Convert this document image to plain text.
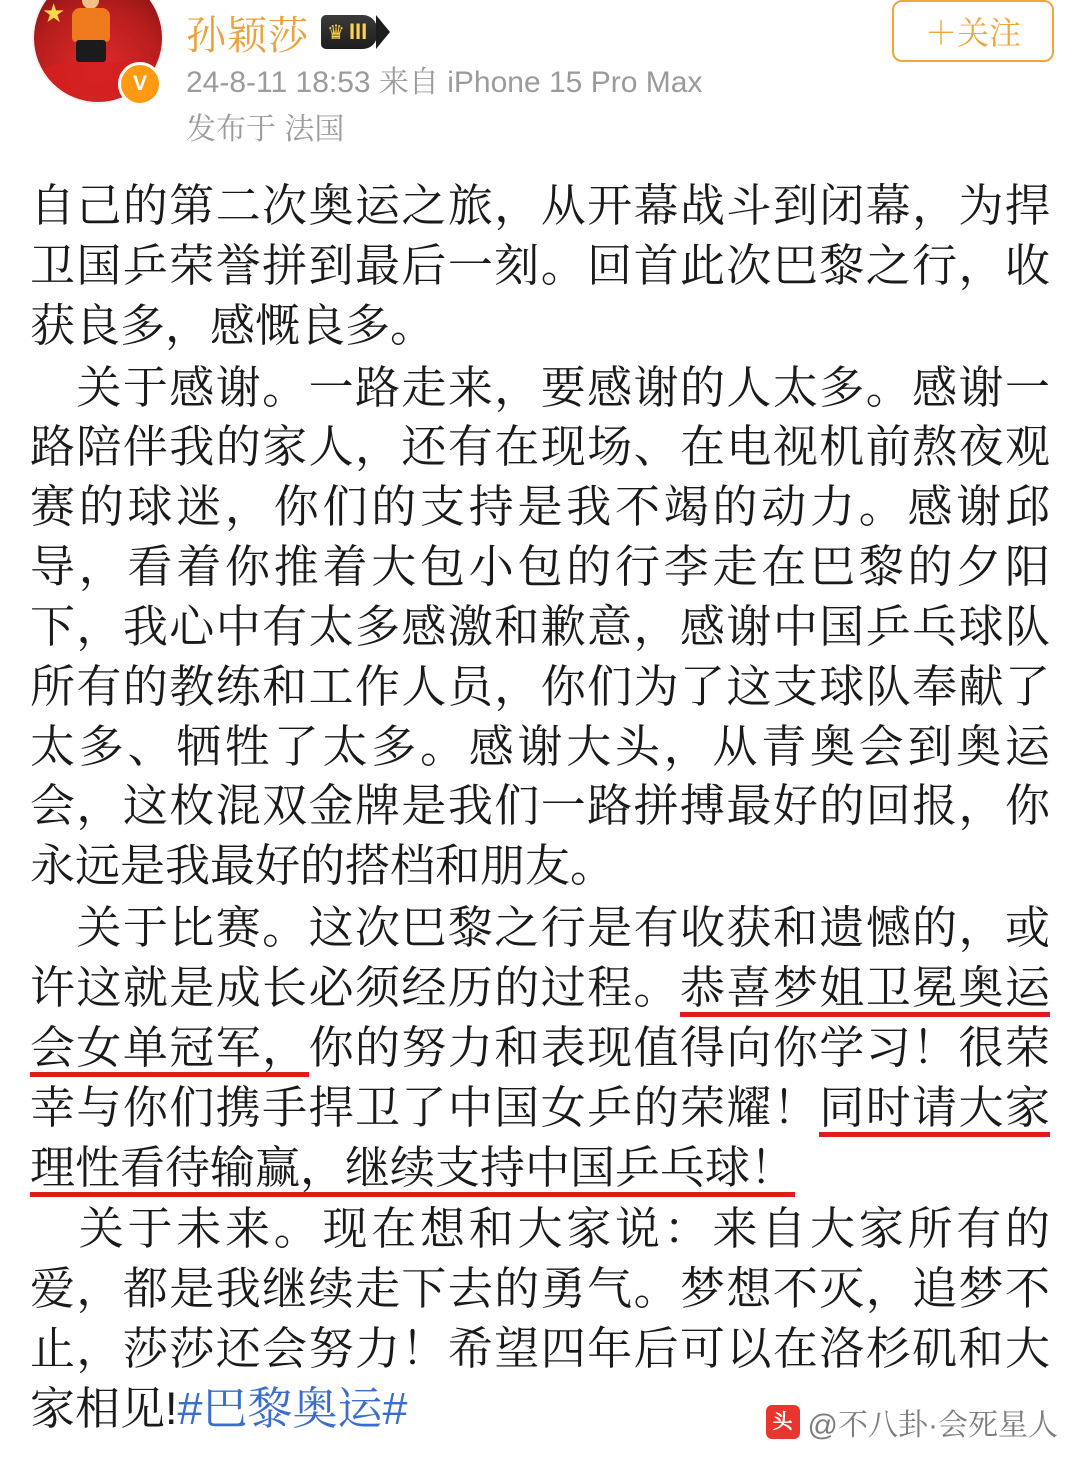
★
V
孙颖莎 ♛ III
24-8-11 18:53 来自 iPhone 15 Pro Max
发布于 法国
＋关注

自己的第二次奥运之旅，从开幕战斗到闭幕，为捍卫国乒荣誉拼到最后一刻。回首此次巴黎之行，收获良多，感慨良多。

　关于感谢。一路走来，要感谢的人太多。感谢一路陪伴我的家人，还有在现场、在电视机前熬夜观赛的球迷，你们的支持是我不竭的动力。感谢邱导，看着你推着大包小包的行李走在巴黎的夕阳下，我心中有太多感激和歉意，感谢中国乒乓球队所有的教练和工作人员，你们为了这支球队奉献了太多、牺牲了太多。感谢大头，从青奥会到奥运会，这枚混双金牌是我们一路拼搏最好的回报，你永远是我最好的搭档和朋友。

　关于比赛。这次巴黎之行是有收获和遗憾的，或许这就是成长必须经历的过程。恭喜梦姐卫冕奥运会女单冠军，你的努力和表现值得向你学习！很荣幸与你们携手捍卫了中国女乒的荣耀！同时请大家理性看待输赢，继续支持中国乒乓球！

　关于未来。现在想和大家说：来自大家所有的爱，都是我继续走下去的勇气。梦想不灭，追梦不止，莎莎还会努力！希望四年后可以在洛杉矶和大家相见!#巴黎奥运#	头条
@不八卦·会死星人
